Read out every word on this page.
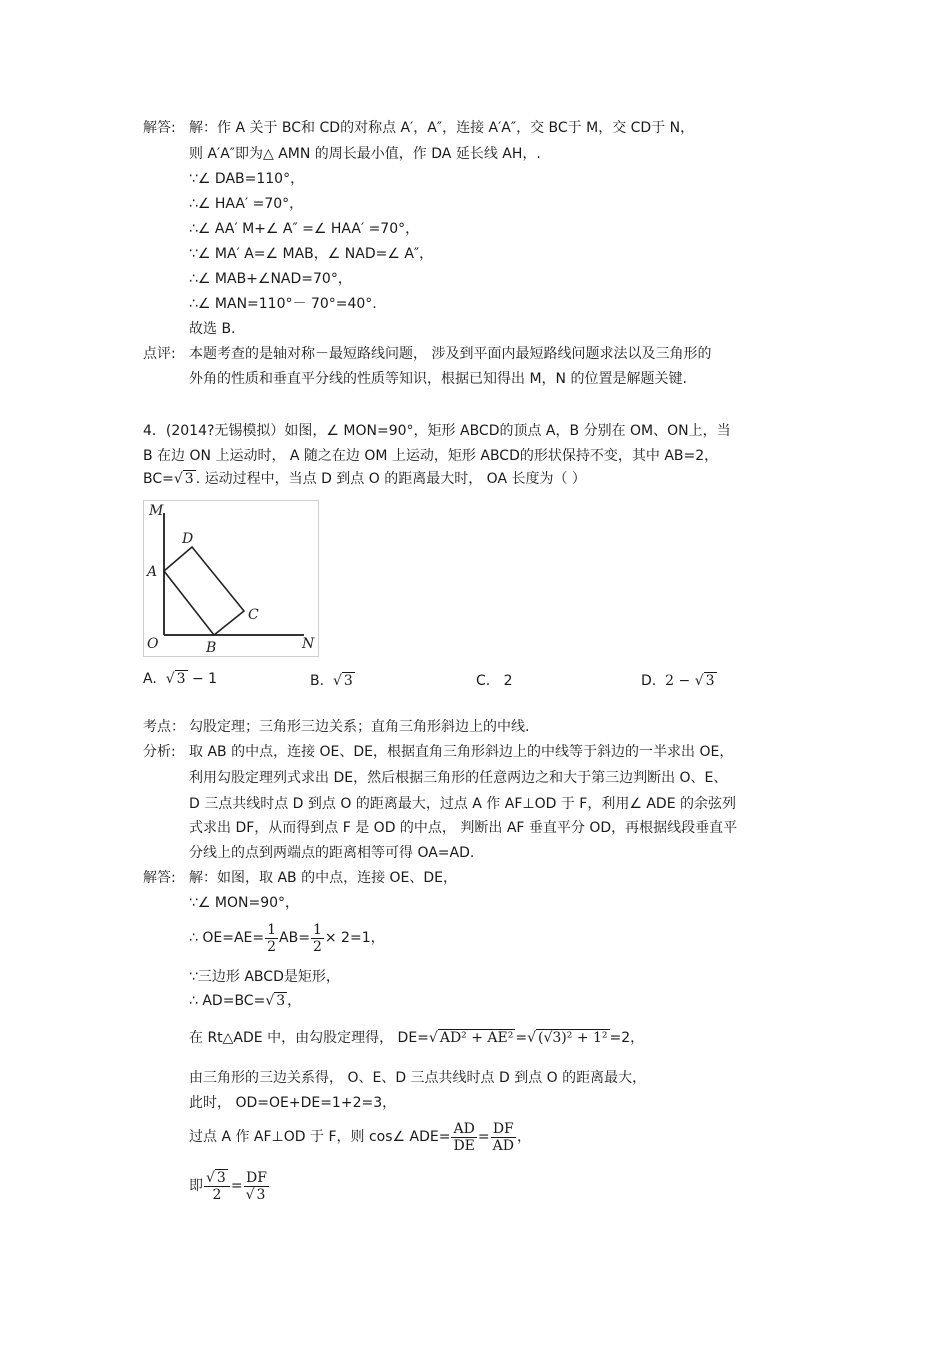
解答: 解：作 A 关于 BC和 CD的对称点 A′，A″，连接 A′A″，交 BC于 M，交 CD于 N，
则 A′A″即为△ AMN 的周长最小值，作 DA 延长线 AH，.
∵∠ DAB=110°，
∴∠ HAA′ =70°，
∴∠ AA′ M+∠ A″ =∠ HAA′ =70°，
∵∠ MA′ A=∠ MAB，∠ NAD=∠ A″，
∴∠ MAB+∠NAD=70°，
∴∠ MAN=110°－ 70°=40°.
故选 B.
点评: 本题考查的是轴对称－最短路线问题， 涉及到平面内最短路线问题求法以及三角形的
外角的性质和垂直平分线的性质等知识，根据已知得出 M，N 的位置是解题关键.
4．(2014?无锡模拟）如图，∠ MON=90°，矩形 ABCD的顶点 A，B 分别在 OM、ON上，当
B 在边 ON 上运动时， A 随之在边 OM 上运动，矩形 ABCD的形状保持不变，其中 AB=2，
BC=√ 3 . 运动过程中，当点 D 到点 O 的距离最大时， OA 长度为（ ）
M
D
A
C
O	B	N
A. √ 3 − 1	B. √ 3	C. 2	D. 2 − √ 3
考点： 勾股定理；三角形三边关系；直角三角形斜边上的中线.
分析: 取 AB 的中点，连接 OE、DE，根据直角三角形斜边上的中线等于斜边的一半求出 OE，
利用勾股定理列式求出 DE，然后根据三角形的任意两边之和大于第三边判断出 O、E、
D 三点共线时点 D 到点 O 的距离最大，过点 A 作 AF⊥OD 于 F，利用∠ ADE 的余弦列
式求出 DF，从而得到点 F 是 OD 的中点， 判断出 AF 垂直平分 OD，再根据线段垂直平
分线上的点到两端点的距离相等可得 OA=AD.
解答: 解：如图，取 AB 的中点，连接 OE、DE，
∵∠ MON=90°，
∴ $OE=AE= \frac{1}{2} AB= \frac{1}{2} \times 2=1$，
∵三边形 ABCD是矩形，
∴ AD=BC=√ 3 ，
在 Rt△ADE 中，由勾股定理得， DE=√ AD² + AE² =√ (√3)² + 1² =2，
由三角形的三边关系得， O、E、D 三点共线时点 D 到点 O 的距离最大，
此时， OD=OE+DE=1+2=3，
过点 A 作 AF⊥OD 于 F，则 cos∠ $ADE= \frac{AD}{DE} = \frac{DF}{AD}$ ，
即 $\frac{√ 3}{2} = \frac{DF}{√ 3}$
